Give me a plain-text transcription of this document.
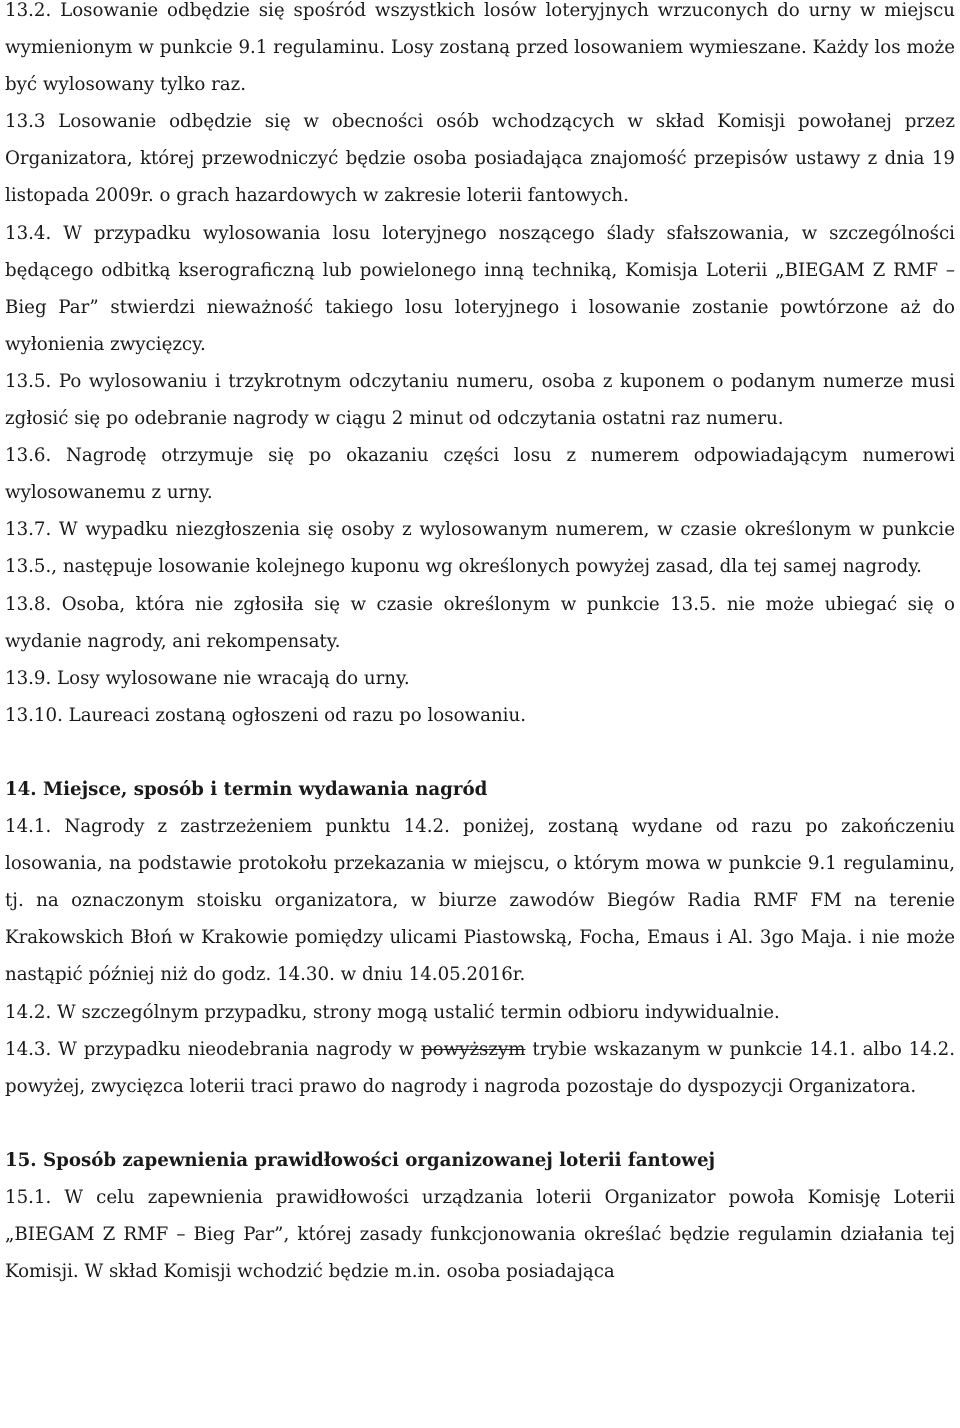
13.2. Losowanie odbędzie się spośród wszystkich losów loteryjnych wrzuconych do urny w miejscu wymienionym w punkcie 9.1 regulaminu. Losy zostaną przed losowaniem wymieszane. Każdy los może być wylosowany tylko raz.

13.3 Losowanie odbędzie się w obecności osób wchodzących w skład Komisji powołanej przez Organizatora, której przewodniczyć będzie osoba posiadająca znajomość przepisów ustawy z dnia 19 listopada 2009r. o grach hazardowych w zakresie loterii fantowych.

13.4. W przypadku wylosowania losu loteryjnego noszącego ślady sfałszowania, w szczególności będącego odbitką kserograficzną lub powielonego inną techniką, Komisja Loterii „BIEGAM Z RMF – Bieg Par” stwierdzi nieważność takiego losu loteryjnego i losowanie zostanie powtórzone aż do wyłonienia zwycięzcy.

13.5. Po wylosowaniu i trzykrotnym odczytaniu numeru, osoba z kuponem o podanym numerze musi zgłosić się po odebranie nagrody w ciągu 2 minut od odczytania ostatni raz numeru.

13.6. Nagrodę otrzymuje się po okazaniu części losu z numerem odpowiadającym numerowi wylosowanemu z urny.

13.7. W wypadku niezgłoszenia się osoby z wylosowanym numerem, w czasie określonym w punkcie 13.5., następuje losowanie kolejnego kuponu wg określonych powyżej zasad, dla tej samej nagrody.

13.8. Osoba, która nie zgłosiła się w czasie określonym w punkcie 13.5. nie może ubiegać się o wydanie nagrody, ani rekompensaty.

13.9. Losy wylosowane nie wracają do urny.

13.10. Laureaci zostaną ogłoszeni od razu po losowaniu.

14. Miejsce, sposób i termin wydawania nagród

14.1. Nagrody z zastrzeżeniem punktu 14.2. poniżej, zostaną wydane od razu po zakończeniu losowania, na podstawie protokołu przekazania w miejscu, o którym mowa w punkcie 9.1 regulaminu, tj. na oznaczonym stoisku organizatora, w biurze zawodów Biegów Radia RMF FM na terenie Krakowskich Błoń w Krakowie pomiędzy ulicami Piastowską, Focha, Emaus i Al. 3go Maja. i nie może nastąpić później niż do godz. 14.30. w dniu 14.05.2016r.

14.2. W szczególnym przypadku, strony mogą ustalić termin odbioru indywidualnie.

14.3. W przypadku nieodebrania nagrody w powyższym trybie wskazanym w punkcie 14.1. albo 14.2. powyżej, zwycięzca loterii traci prawo do nagrody i nagroda pozostaje do dyspozycji Organizatora.

15. Sposób zapewnienia prawidłowości organizowanej loterii fantowej

15.1. W celu zapewnienia prawidłowości urządzania loterii Organizator powoła Komisję Loterii „BIEGAM Z RMF – Bieg Par”, której zasady funkcjonowania określać będzie regulamin działania tej Komisji. W skład Komisji wchodzić będzie m.in. osoba posiadająca
